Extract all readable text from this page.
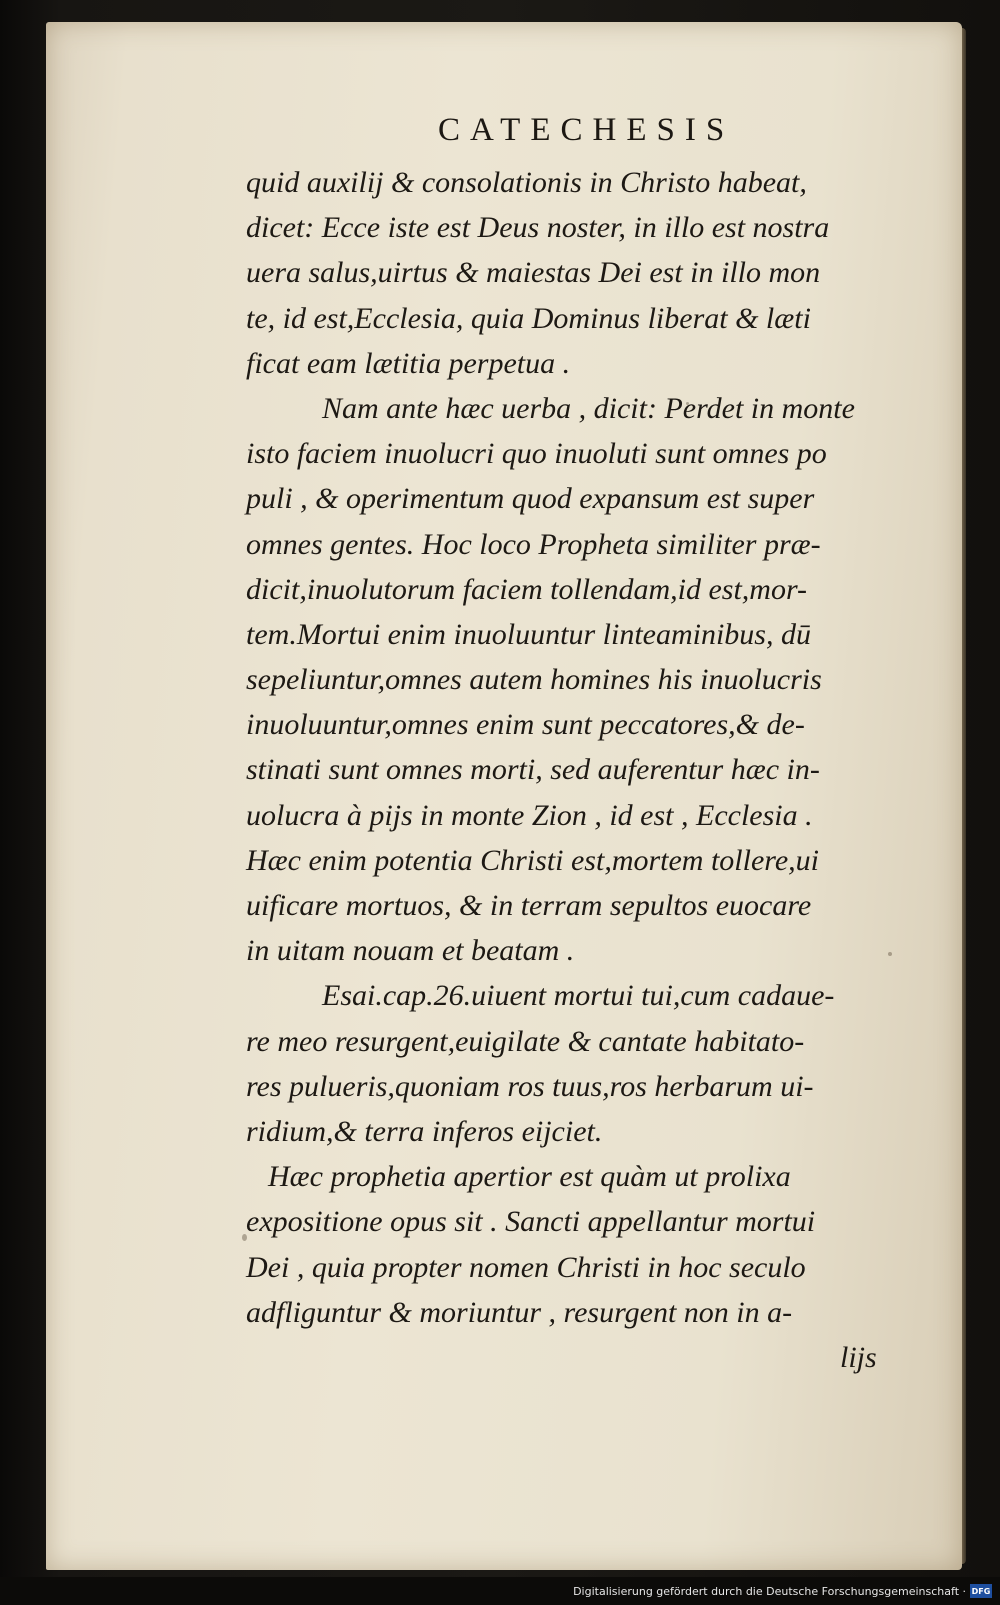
CATECHESIS
quid auxilij & consolationis in Christo habeat,
dicet: Ecce iste est Deus noster, in illo est nostra
uera salus,uirtus & maiestas Dei est in illo mon
te, id est,Ecclesia, quia Dominus liberat & læti
ficat eam lætitia perpetua .
Nam ante hæc uerba , dicit: Perdet in monte
isto faciem inuolucri quo inuoluti sunt omnes po
puli , & operimentum quod expansum est super
omnes gentes. Hoc loco Propheta similiter præ-
dicit,inuolutorum faciem tollendam,id est,mor-
tem.Mortui enim inuoluuntur linteaminibus, dū
sepeliuntur,omnes autem homines his inuolucris
inuoluuntur,omnes enim sunt peccatores,& de-
stinati sunt omnes morti, sed auferentur hæc in-
uolucra à pijs in monte Zion , id est , Ecclesia .
Hæc enim potentia Christi est,mortem tollere,ui
uificare mortuos, & in terram sepultos euocare
in uitam nouam et beatam .
Esai.cap.26.uiuent mortui tui,cum cadaue-
re meo resurgent,euigilate & cantate habitato-
res pulueris,quoniam ros tuus,ros herbarum ui-
ridium,& terra inferos eijciet.
Hæc prophetia apertior est quàm ut prolixa
expositione opus sit . Sancti appellantur mortui
Dei , quia propter nomen Christi in hoc seculo
adfliguntur & moriuntur , resurgent non in a-
lijs
Digitalisierung gefördert durch die Deutsche Forschungsgemeinschaft · DFG
